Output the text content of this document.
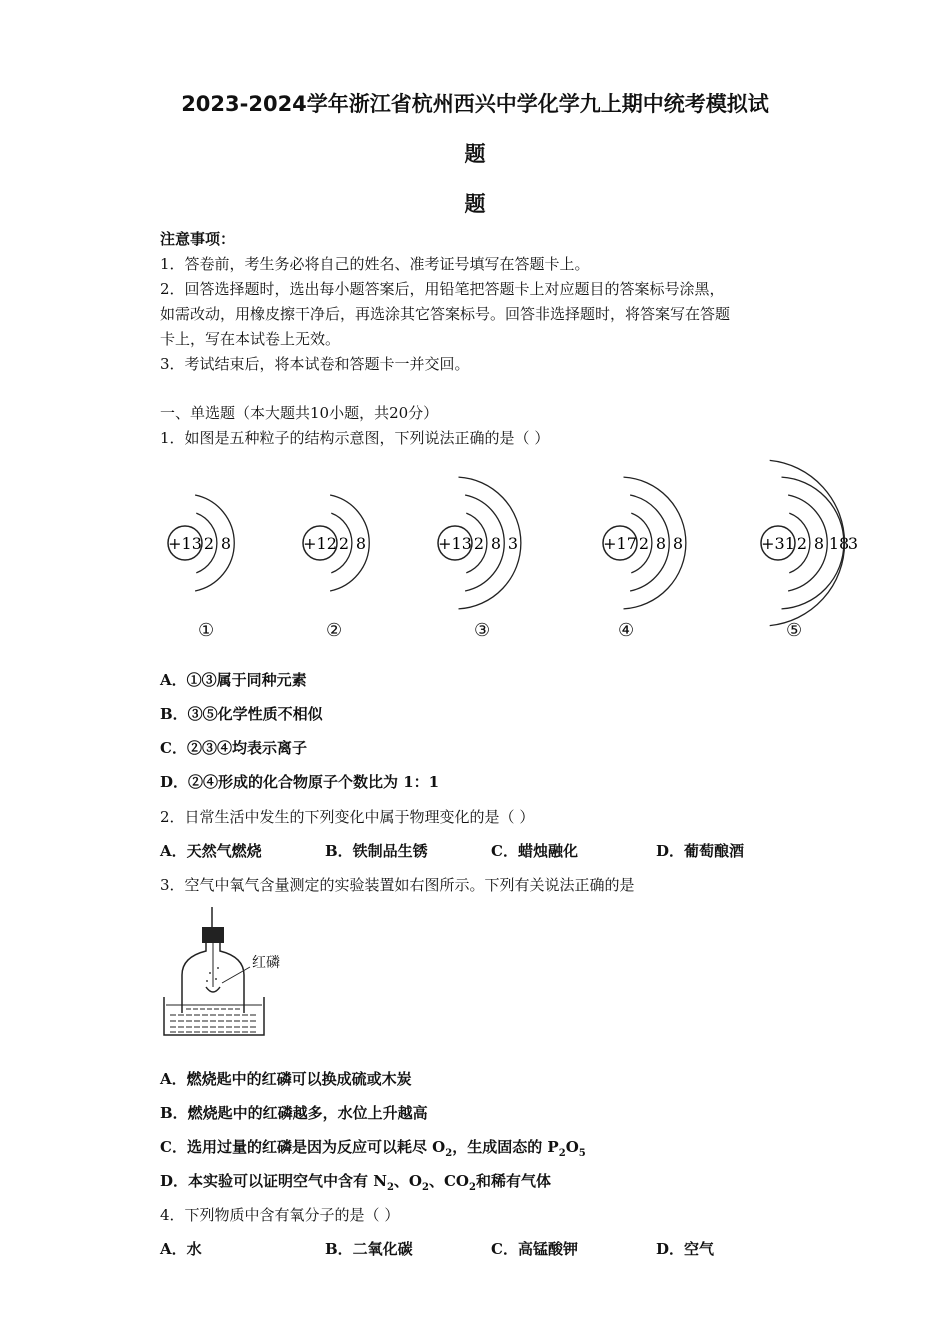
2023-2024学年浙江省杭州西兴中学化学九上期中统考模拟试
题
题
注意事项：
1．答卷前，考生务必将自己的姓名、准考证号填写在答题卡上。
2．回答选择题时，选出每小题答案后，用铅笔把答题卡上对应题目的答案标号涂黑，
如需改动，用橡皮擦干净后，再选涂其它答案标号。回答非选择题时，将答案写在答题
卡上，写在本试卷上无效。
3．考试结束后，将本试卷和答题卡一并交回。
一、单选题（本大题共10小题，共20分）
1．如图是五种粒子的结构示意图，下列说法正确的是（ ）
+13 2 8	+12 2 8	+13 2 8 3	+17 2 8 8	+31 2 8 18
3
①	②	③	④	⑤
A．①③属于同种元素
B．③⑤化学性质不相似
C．②③④均表示离子
D．②④形成的化合物原子个数比为 1：1
2．日常生活中发生的下列变化中属于物理变化的是（ ）
A．天然气燃烧	B．铁制品生锈	C．蜡烛融化	D．葡萄酿酒
3．空气中氧气含量测定的实验装置如右图所示。下列有关说法正确的是
红磷
A．燃烧匙中的红磷可以换成硫或木炭
B．燃烧匙中的红磷越多，水位上升越高
C．选用过量的红磷是因为反应可以耗尽 $O_2$，生成固态的 $P_2O_5$
D．本实验可以证明空气中含有 $N_2$、$O_2$、$CO_2$和稀有气体
4．下列物质中含有氧分子的是（ ）
A．水	B．二氧化碳	C．高锰酸钾	D．空气
